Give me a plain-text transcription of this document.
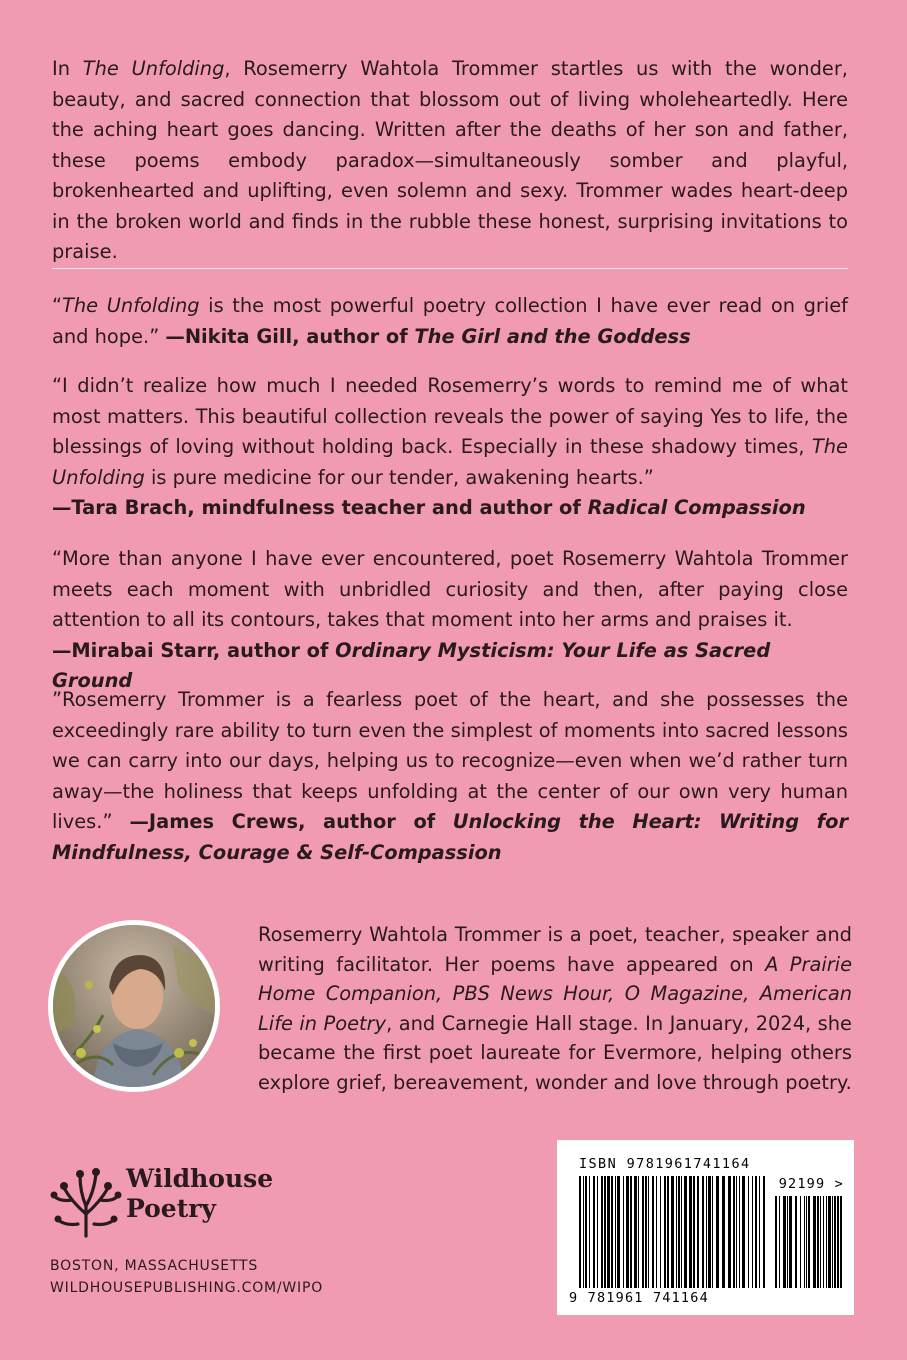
In The Unfolding, Rosemerry Wahtola Trommer startles us with the wonder, beauty, and sacred connection that blossom out of living wholeheartedly. Here the aching heart goes dancing. Written after the deaths of her son and father, these poems embody paradox—simultaneously somber and playful, brokenhearted and uplifting, even solemn and sexy. Trommer wades heart-deep in the broken world and finds in the rubble these honest, surprising invitations to praise.

“The Unfolding is the most powerful poetry collection I have ever read on grief and hope.” —Nikita Gill, author of The Girl and the Goddess

“I didn’t realize how much I needed Rosemerry’s words to remind me of what most matters. This beautiful collection reveals the power of saying Yes to life, the blessings of loving without holding back. Especially in these shadowy times, The Unfolding is pure medicine for our tender, awakening hearts.”
—Tara Brach, mindfulness teacher and author of Radical Compassion

“More than anyone I have ever encountered, poet Rosemerry Wahtola Trommer meets each moment with unbridled curiosity and then, after paying close attention to all its contours, takes that moment into her arms and praises it.
—Mirabai Starr, author of Ordinary Mysticism: Your Life as Sacred Ground

”Rosemerry Trommer is a fearless poet of the heart, and she possesses the exceedingly rare ability to turn even the simplest of moments into sacred lessons we can carry into our days, helping us to recognize—even when we’d rather turn away—the holiness that keeps unfolding at the center of our own very human lives.” —James Crews, author of Unlocking the Heart: Writing for Mindfulness, Courage & Self-Compassion

Rosemerry Wahtola Trommer is a poet, teacher, speaker and writing facilitator. Her poems have appeared on A Prairie Home Companion, PBS News Hour, O Magazine, American Life in Poetry, and Carnegie Hall stage. In January, 2024, she became the first poet laureate for Evermore, helping others explore grief, bereavement, wonder and love through poetry.

Wildhouse
Poetry
BOSTON, MASSACHUSETTS
WILDHOUSEPUBLISHING.COM/WIPO
ISBN 9781961741164
92199 >
9 781961 741164
